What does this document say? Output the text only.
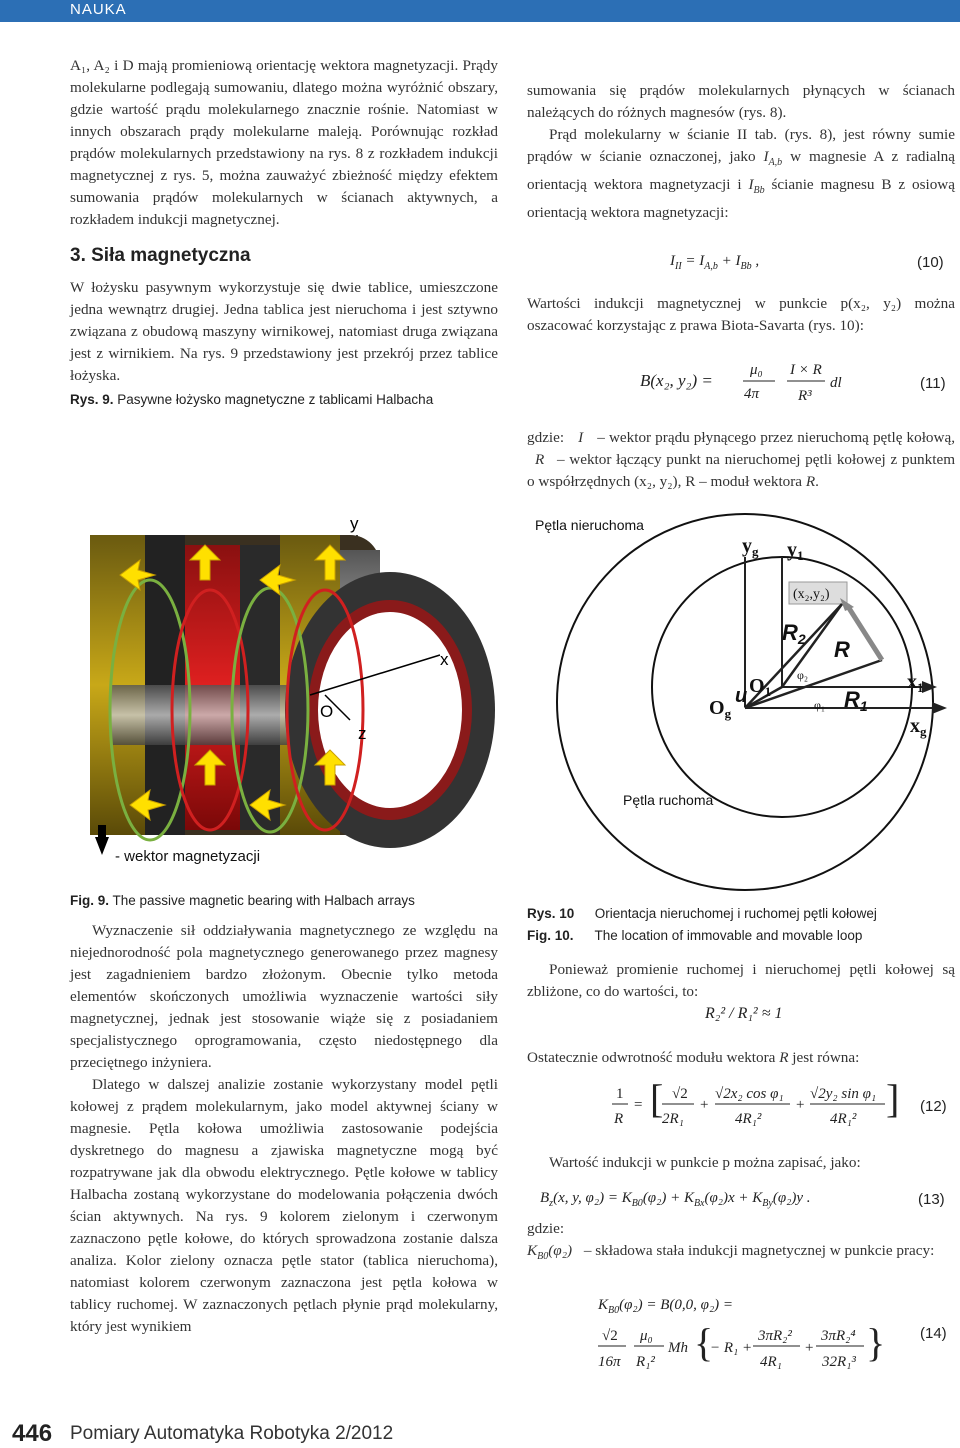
NAUKA

A₁, A₂ i D mają promieniową orientację wektora magnetyzacji. Prądy molekularne podlegają sumowaniu, dlatego można wyróżnić obszary, gdzie wartość prądu molekularnego znacznie rośnie. Natomiast w innych obszarach prądy molekularne maleją. Porównując rozkład prądów molekularnych przedstawiony na rys. 8 z rozkładem indukcji magnetycznej z rys. 5, można zauważyć zbieżność między efektem sumowania prądów molekularnych w ścianach aktywnych, a rozkładem indukcji magnetycznej.

3. Siła magnetyczna

W łożysku pasywnym wykorzystuje się dwie tablice, umieszczone jedna wewnątrz drugiej. Jedna tablica jest nieruchoma i jest sztywno związana z obudową maszyny wirnikowej, natomiast druga związana jest z wirnikiem. Na rys. 9 przedstawiony jest przekrój przez tablice łożyska.

Rys. 9. Pasywne łożysko magnetyczne z tablicami Halbacha

y
x
z
O
- wektor magnetyzacji

Fig. 9. The passive magnetic bearing with Halbach arrays

Wyznaczenie sił oddziaływania magnetycznego ze względu na niejednorodność pola magnetycznego generowanego przez magnesy jest zagadnieniem bardzo złożonym. Obecnie tylko metoda elementów skończonych umożliwia wyznaczenie wartości siły magnetycznej, jednak jest stosowanie wiąże się z posiadaniem specjalistycznego oprogramowania, często niedostępnego dla przeciętnego inżyniera.

Dlatego w dalszej analizie zostanie wykorzystany model pętli kołowej z prądem molekularnym, jako model aktywnej ściany w magnesie. Pętla kołowa umożliwia zastosowanie podejścia dyskretnego do magnesu a zjawiska magnetyczne mogą być rozpatrywane jak dla obwodu elektrycznego. Pętle kołowe w tablicy Halbacha zostaną wykorzystane do modelowania połączenia dwóch ścian aktywnych. Na rys. 9 kolorem zielonym i czerwonym zaznaczono pętle kołowe, do których sprowadzona zostanie dalsza analiza. Kolor zielony oznacza pętle stator (tablica nieruchoma), natomiast kolorem czerwonym zaznaczona jest pętla kołowa w tablicy ruchomej. W zaznaczonych pętlach płynie prąd molekularny, który jest wynikiem

sumowania się prądów molekularnych płynących w ścianach należących do różnych magnesów (rys. 8).

Prąd molekularny w ścianie II tab. (rys. 8), jest równy sumie prądów w ścianie oznaczonej, jako $I_{A,b}$ w magnesie A z radialną orientacją wektora magnetyzacji i $I_{Bb}$ ścianie magnesu B z osiową orientacją wektora magnetyzacji:

$I_{II} = I_{A,b} + I_{Bb}$ ,	(10)

Wartości indukcji magnetycznej w punkcie p(x₂, y₂) można oszacować korzystając z prawa Biota-Savarta (rys. 10):

B(x₂, y₂) =
μ₀
4π
I × R
R³
dl	(11)

gdzie: I – wektor prądu płynącego przez nieruchomą pętlę kołową, R – wektor łączący punkt na nieruchomej pętli kołowej z punktem o współrzędnych (x₂, y₂), R – moduł wektora R.

Pętla nieruchoma
(x₂,y₂)
$y_g$ $y_1$
R2 R
$O_1$
$O_g$
u
φ₂
φ₁ R1
$x_1$
$x_g$
Pętla ruchoma

Rys. 10 Orientacja nieruchomej i ruchomej pętli kołowej

Fig. 10. The location of immovable and movable loop

Ponieważ promienie ruchomej i nieruchomej pętli kołowej są zbliżone, co do wartości, to:

R₂² / R₁² ≈ 1

Ostatecznie odwrotność modułu wektora R jest równa:

1
R
= [ √2
2R₁
+
√2x₂ cos φ₁
4R₁²
+
√2y₂ sin φ₁
4R₁² ] (12)

Wartość indukcji w punkcie p można zapisać, jako:

$B_z(x$, y, $\varphi_2) = K_{B0}(\varphi_2) + K_{Bx}(\varphi_2)x + K_{By}(\varphi_2)y$ .	(13)

gdzie:

$K_{B0}(\varphi_2)$ – składowa stała indukcji magnetycznej w punkcie pracy:

$K_{B0}(\varphi_2) = B(0,0$, φ₂) =
√2
16π
μ₀
R₁²
Mh {
− R₁ +
3πR₂²
4R₁
+
3πR₂⁴
32R₁³ } (14)
446 Pomiary Automatyka Robotyka 2/2012
